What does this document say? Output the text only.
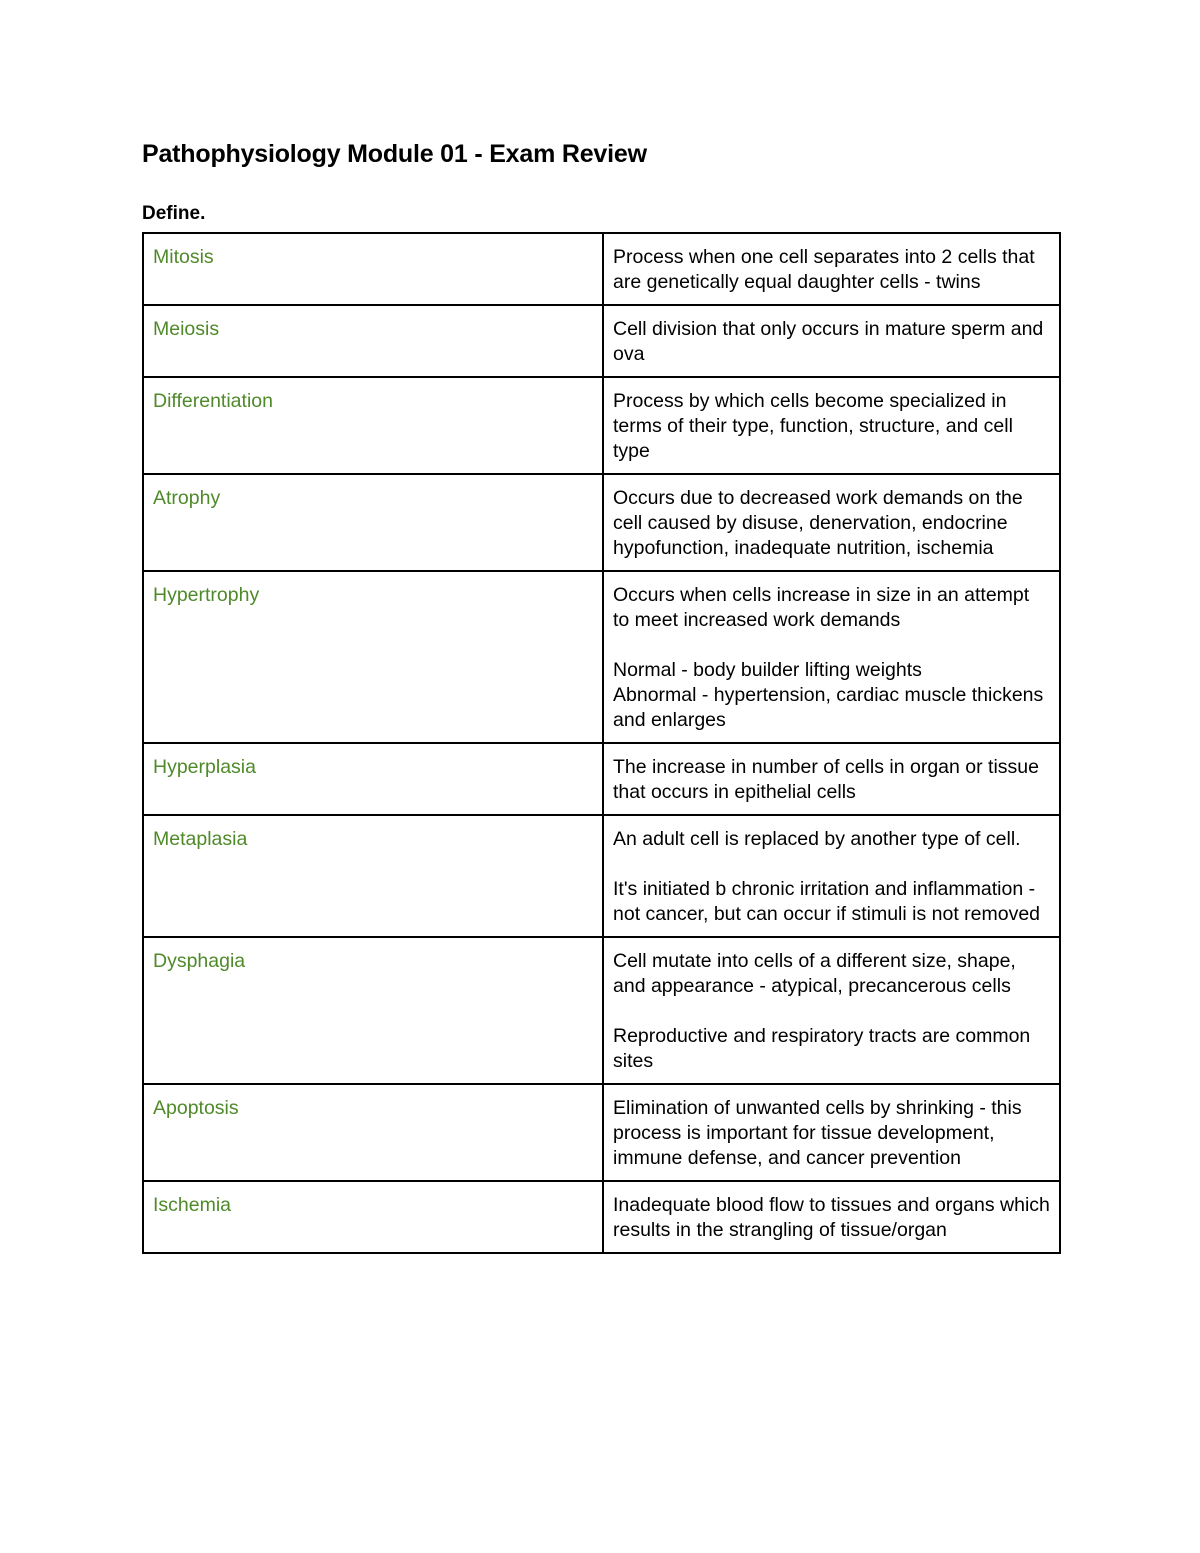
Pathophysiology Module 01 - Exam Review
Define.
Mitosis	Process when one cell separates into 2 cells that are genetically equal daughter cells - twins

Meiosis	Cell division that only occurs in mature sperm and ova

Differentiation	Process by which cells become specialized in terms of their type, function, structure, and cell type

Atrophy	Occurs due to decreased work demands on the cell caused by disuse, denervation, endocrine hypofunction, inadequate nutrition, ischemia

Hypertrophy	Occurs when cells increase in size in an attempt to meet increased work demands

Normal - body builder lifting weights
Abnormal - hypertension, cardiac muscle thickens and enlarges

Hyperplasia	The increase in number of cells in organ or tissue that occurs in epithelial cells

Metaplasia	An adult cell is replaced by another type of cell.

It's initiated b chronic irritation and inflammation - not cancer, but can occur if stimuli is not removed

Dysphagia	Cell mutate into cells of a different size, shape, and appearance - atypical, precancerous cells

Reproductive and respiratory tracts are common sites

Apoptosis	Elimination of unwanted cells by shrinking - this process is important for tissue development, immune defense, and cancer prevention

Ischemia	Inadequate blood flow to tissues and organs which results in the strangling of tissue/organ
